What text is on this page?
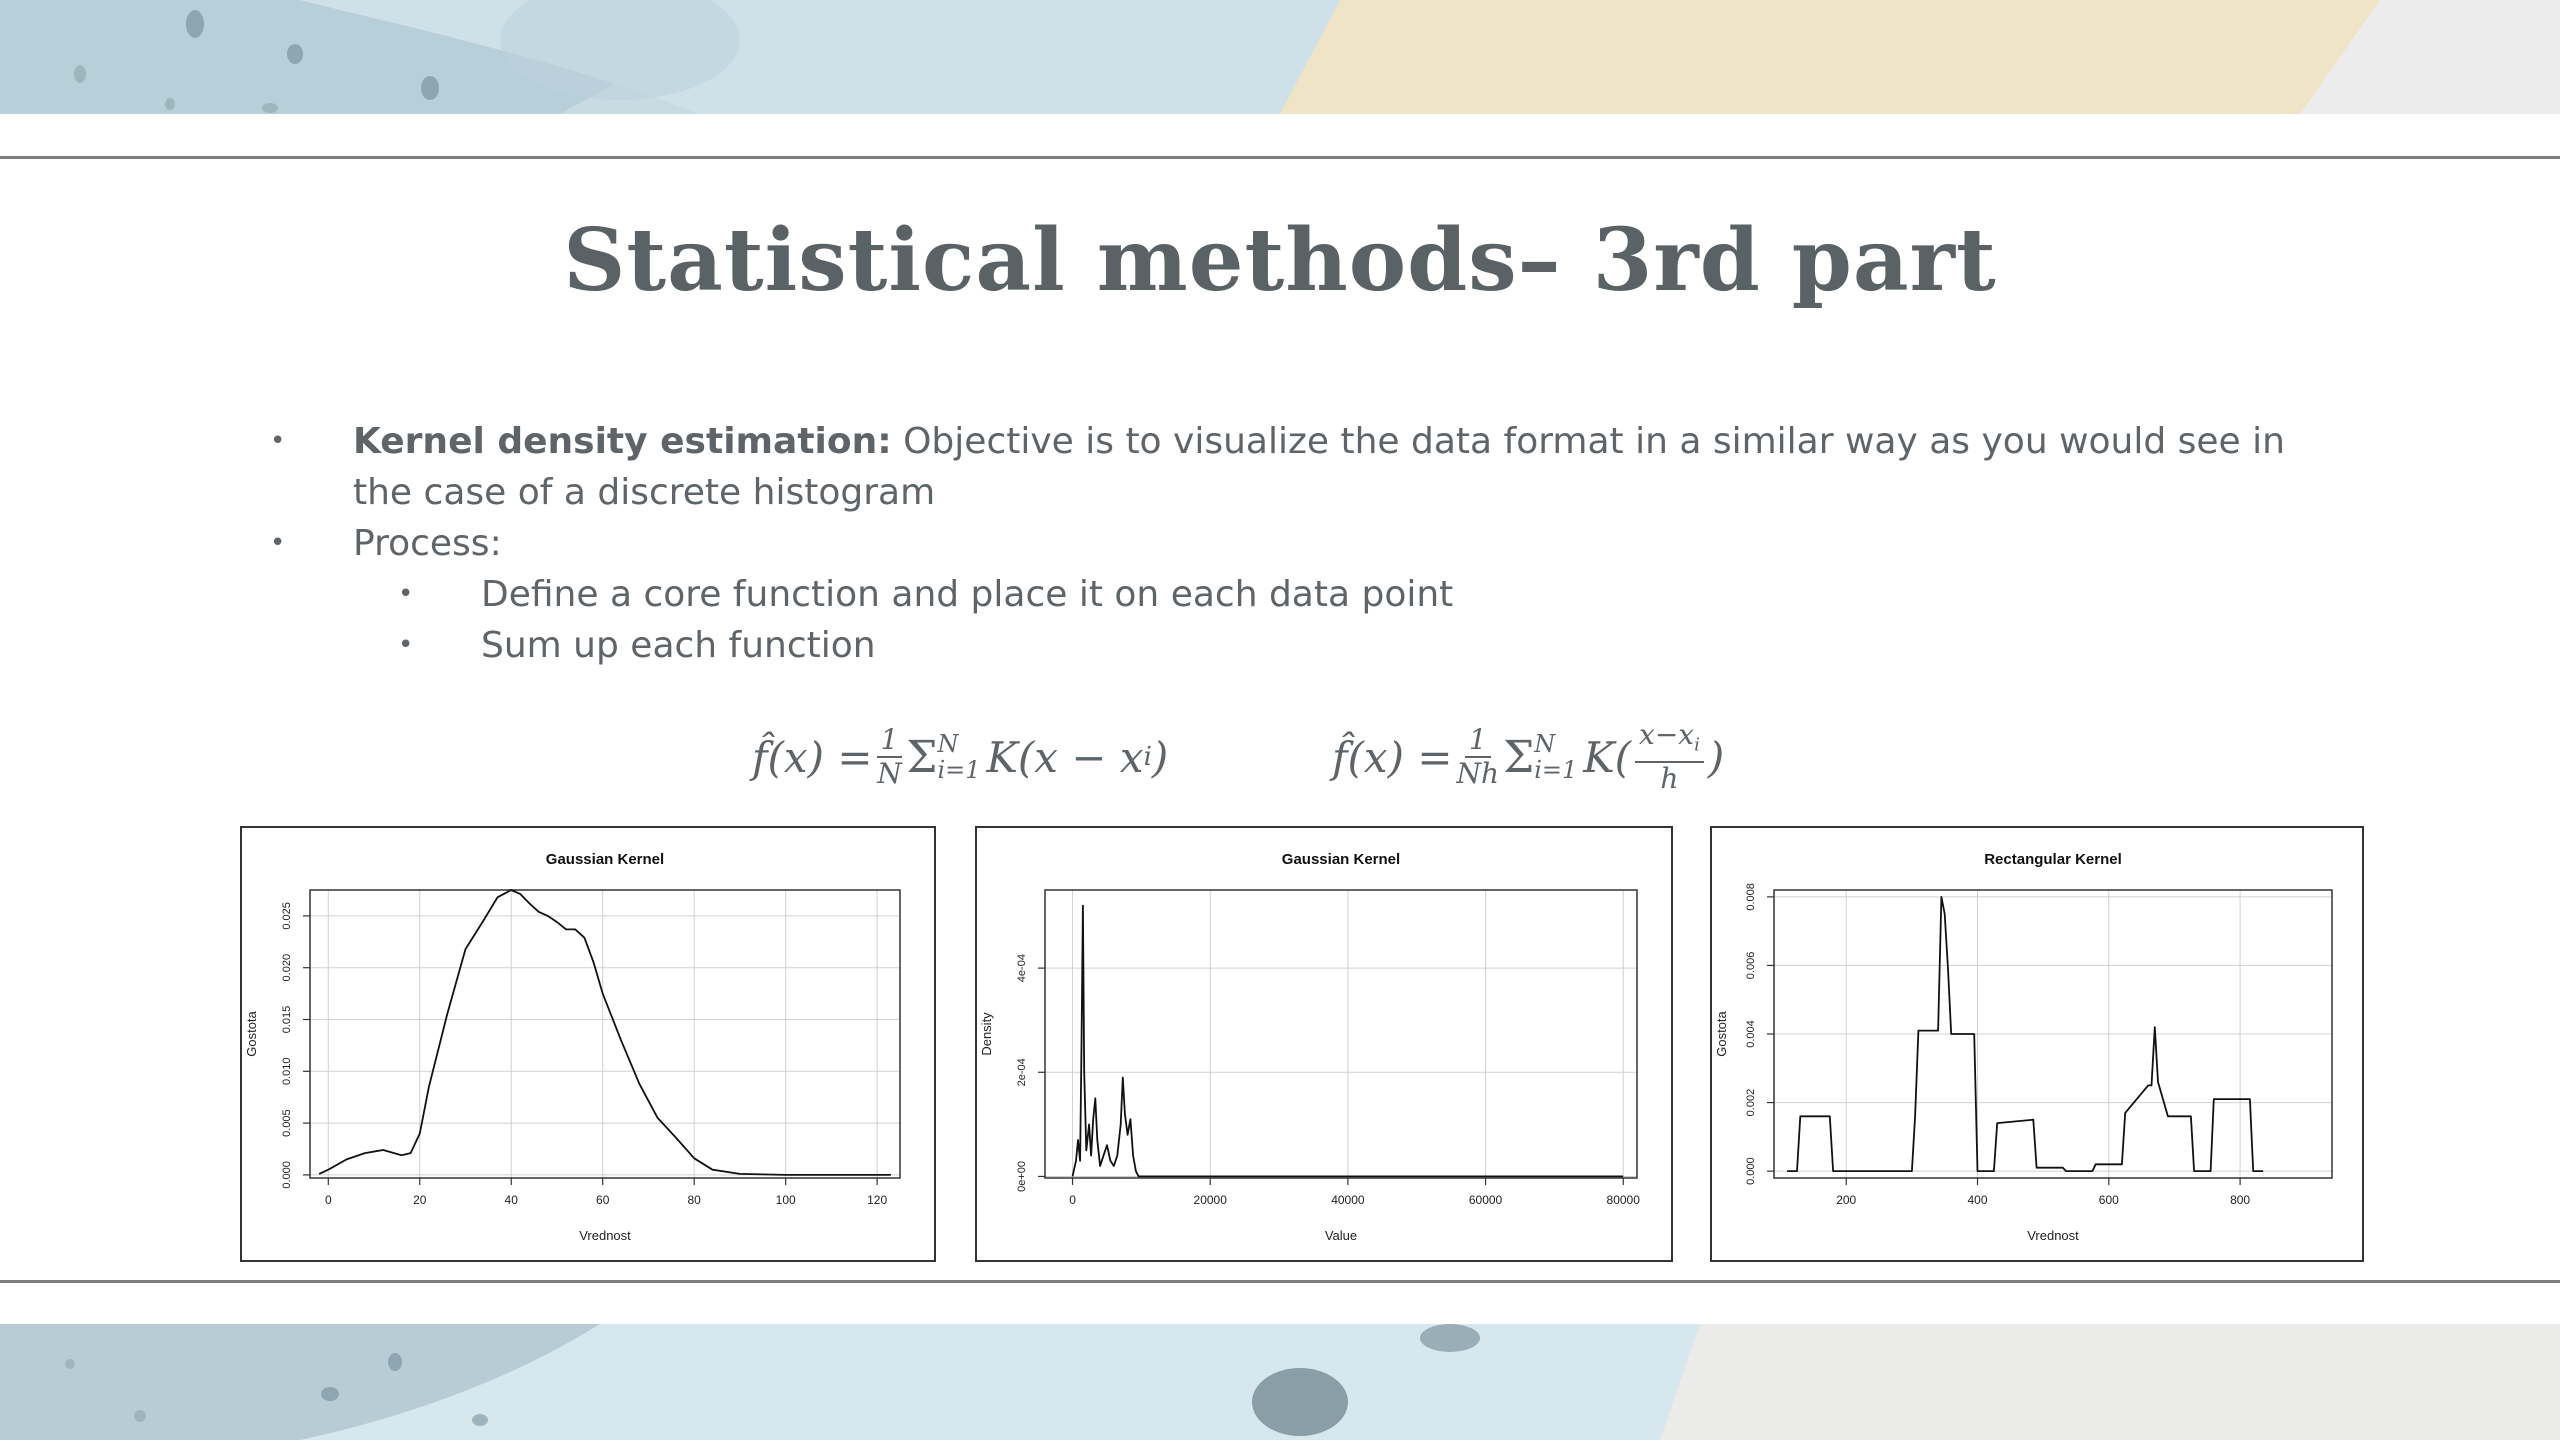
Statistical methods– 3rd part
• Kernel density estimation: Objective is to visualize the data format in a similar way as you would see in the case of a discrete histogram
• Process:
• Define a core function and place it on each data point
• Sum up each function
f̂(x) = $\frac{1}{N}$ Σ N
i=1 K(x − x i )	f̂(x) = $\frac{1}{Nh}$ Σ N
i=1 $K( \frac{x-x_i}{h}$ )
Gaussian Kernel
0	20	40	60	80	100	120
0.000
0.005
0.010
0.015
0.020
0.025
Vrednost
Gostota
Gaussian Kernel
0	20000	40000	60000	80000
0e+00
2e-04
4e-04
Value
Density
Rectangular Kernel
200	400	600	800
0.000
0.002
0.004
0.006
0.008
Vrednost
Gostota
